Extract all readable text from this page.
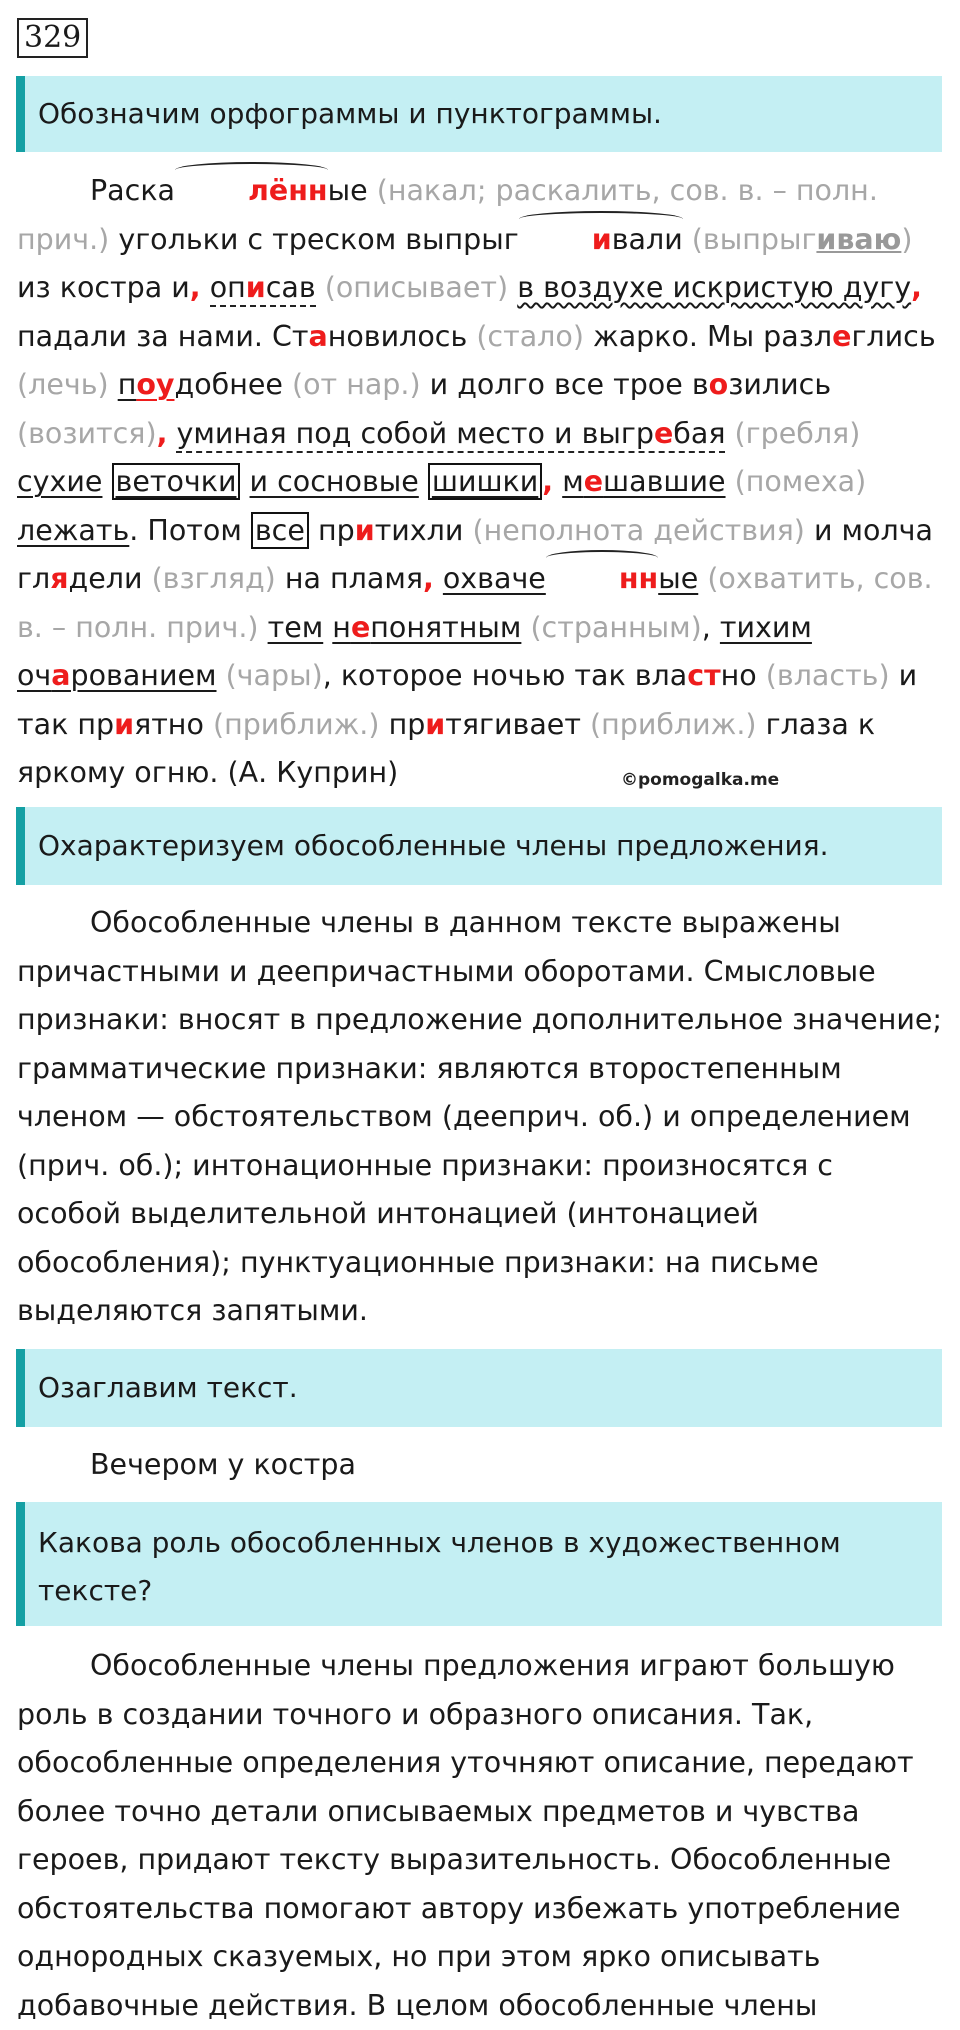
329
Обозначим орфограммы и пунктограммы.

Раска	лённые (накал; раскалить, сов. в. – полн. прич.) угольки с треском выпрыг	ивали (выпрыгиваю) из костра и, описав (описывает) в воздухе искристую дугу, падали за нами. Становилось (стало) жарко. Мы разлеглись (лечь) поудобнее (от нар.) и долго все трое возились (возится), уминая под собой место и выгребая (гребля) сухие веточки и сосновые шишки , мешавшие (помеха) лежать. Потом все притихли (неполнота действия) и молча глядели (взгляд) на пламя, охваче	нные (охватить, сов. в. – полн. прич.) тем непонятным (странным), тихим очарованием (чары), которое ночью так властно (власть) и так приятно (приближ.) притягивает (приближ.) глаза к яркому огню. (А. Куприн)	©pomogalka.me
Охарактеризуем обособленные члены предложения.

Обособленные члены в данном тексте выражены причастными и деепричастными оборотами. Смысловые признаки: вносят в предложение дополнительное значение; грамматические признаки: являются второстепенным членом — обстоятельством (дееприч. об.) и определением (прич. об.); интонационные признаки: произносятся с особой выделительной интонацией (интонацией обособления); пунктуационные признаки: на письме выделяются запятыми.

Озаглавим текст.

Вечером у костра

Какова роль обособленных членов в художественном тексте?

Обособленные члены предложения играют большую роль в создании точного и образного описания. Так, обособленные определения уточняют описание, передают более точно детали описываемых предметов и чувства героев, придают тексту выразительность. Обособленные обстоятельства помогают автору избежать употребление однородных сказуемых, но при этом ярко описывать добавочные действия. В целом обособленные члены
